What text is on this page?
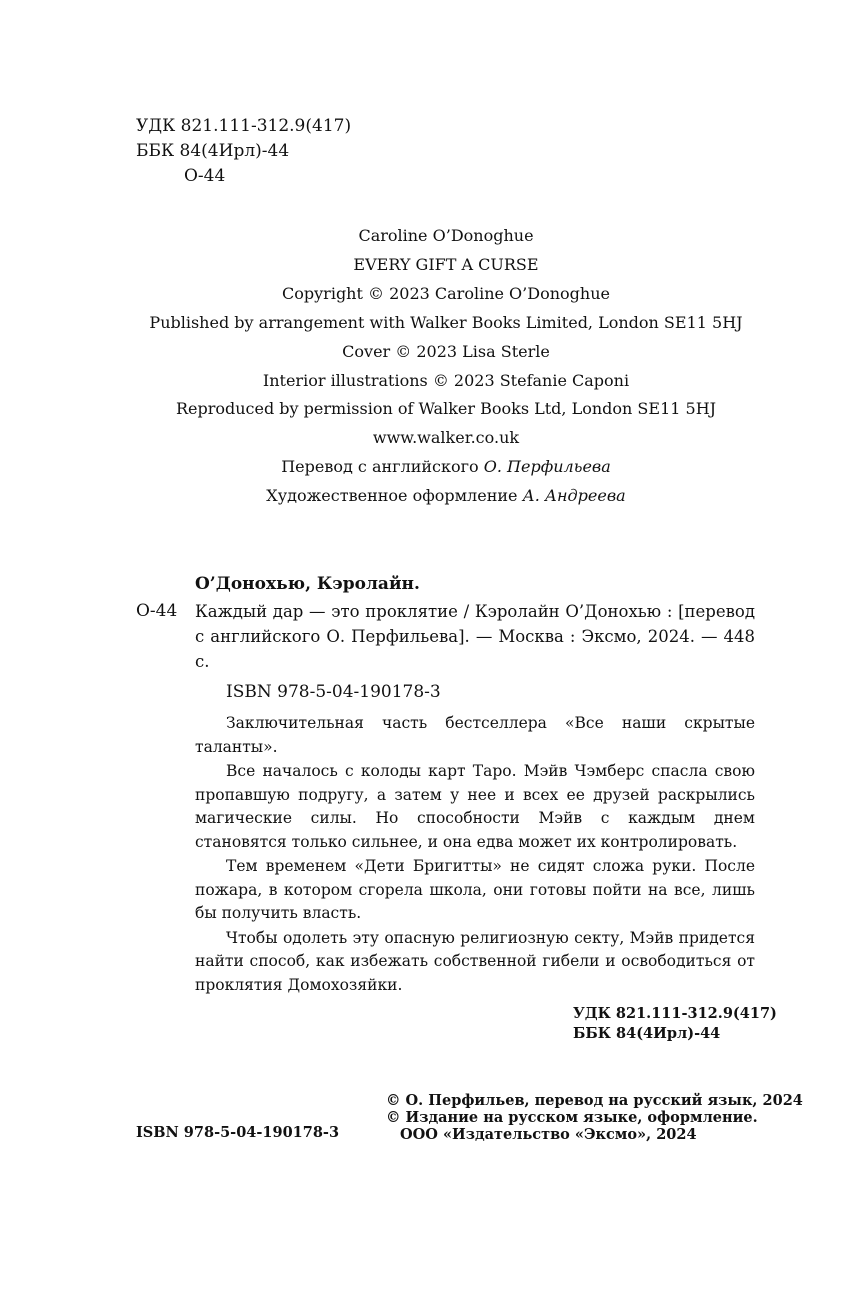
УДК 821.111-312.9(417)
ББК 84(4Ирл)-44
О-44
Caroline O’Donoghue
EVERY GIFT A CURSE
Copyright © 2023 Caroline O’Donoghue
Published by arrangement with Walker Books Limited, London SE11 5HJ
Cover © 2023 Lisa Sterle
Interior illustrations © 2023 Stefanie Caponi
Reproduced by permission of Walker Books Ltd, London SE11 5HJ
www.walker.co.uk
Перевод с английского О. Перфильева
Художественное оформление А. Андреева
О’Донохью, Кэролайн.
О-44 Каждый дар — это проклятие / Кэролайн О’Донохью : [перевод с английского О. Перфильева]. — Москва : Эксмо, 2024. — 448 с.
ISBN 978-5-04-190178-3

Заключительная часть бестселлера «Все наши скрытые таланты».

Все началось с колоды карт Таро. Мэйв Чэмберс спасла свою пропавшую подругу, а затем у нее и всех ее друзей раскрылись магические силы. Но способности Мэйв с каждым днем становятся только сильнее, и она едва может их контролировать.

Тем временем «Дети Бригитты» не сидят сложа руки. После пожара, в котором сгорела школа, они готовы пойти на все, лишь бы получить власть.

Чтобы одолеть эту опасную религиозную секту, Мэйв придется найти способ, как избежать собственной гибели и освободиться от проклятия Домохозяйки.

УДК 821.111-312.9(417)
ББК 84(4Ирл)-44
ISBN 978-5-04-190178-3
© О. Перфильев, перевод на русский язык, 2024
© Издание на русском языке, оформление.
ООО «Издательство «Эксмо», 2024
